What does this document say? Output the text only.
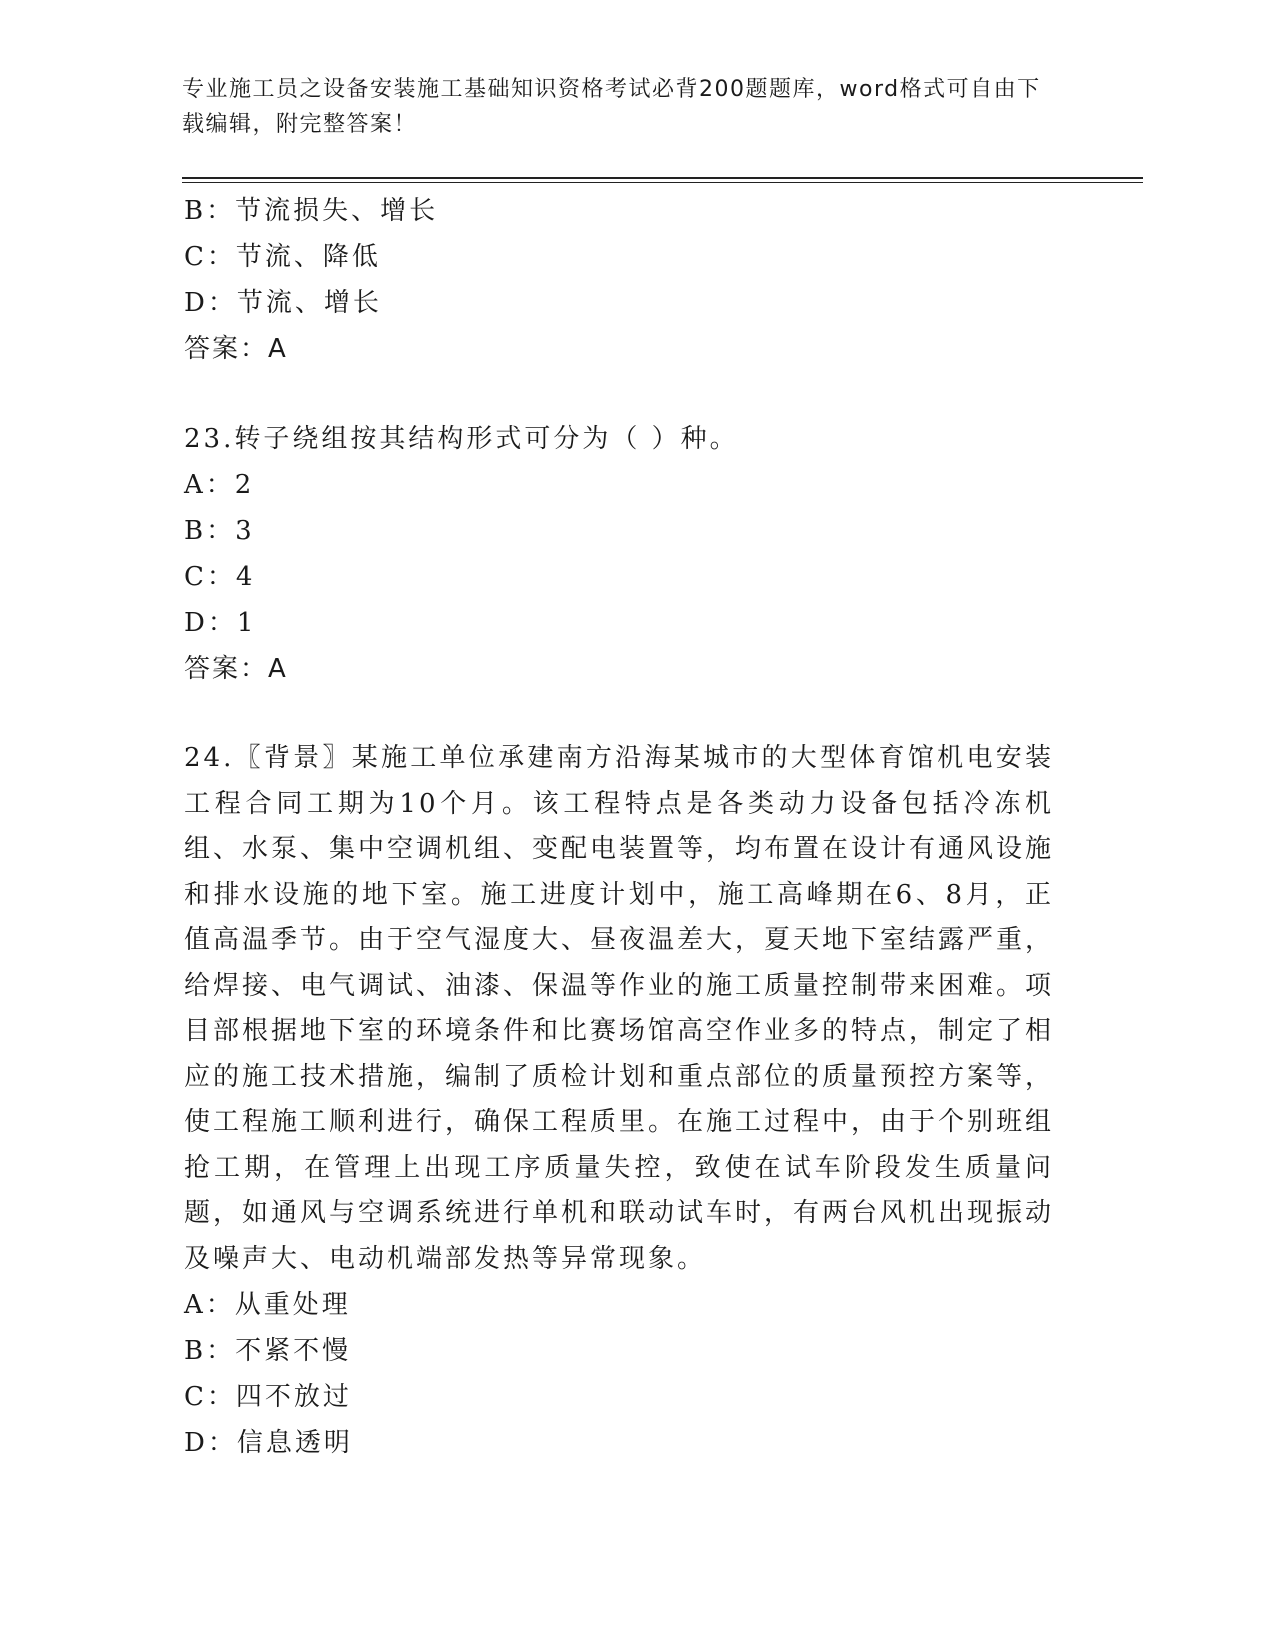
专业施工员之设备安装施工基础知识资格考试必背200题题库，word格式可自由下载编辑，附完整答案！
B：节流损失、增长
C：节流、降低
D：节流、增长
答案：A
23.转子绕组按其结构形式可分为（ ）种。
A：2
B：3
C：4
D：1
答案：A
24.〖背景〗某施工单位承建南方沿海某城市的大型体育馆机电安装工程合同工期为10个月。该工程特点是各类动力设备包括冷冻机组、水泵、集中空调机组、变配电装置等，均布置在设计有通风设施和排水设施的地下室。施工进度计划中，施工高峰期在6、8月，正值高温季节。由于空气湿度大、昼夜温差大，夏天地下室结露严重，给焊接、电气调试、油漆、保温等作业的施工质量控制带来困难。项目部根据地下室的环境条件和比赛场馆高空作业多的特点，制定了相应的施工技术措施，编制了质检计划和重点部位的质量预控方案等，使工程施工顺利进行，确保工程质里。在施工过程中，由于个别班组抢工期，在管理上出现工序质量失控，致使在试车阶段发生质量问题，如通风与空调系统进行单机和联动试车时，有两台风机出现振动及噪声大、电动机端部发热等异常现象。
A：从重处理
B：不紧不慢
C：四不放过
D：信息透明
